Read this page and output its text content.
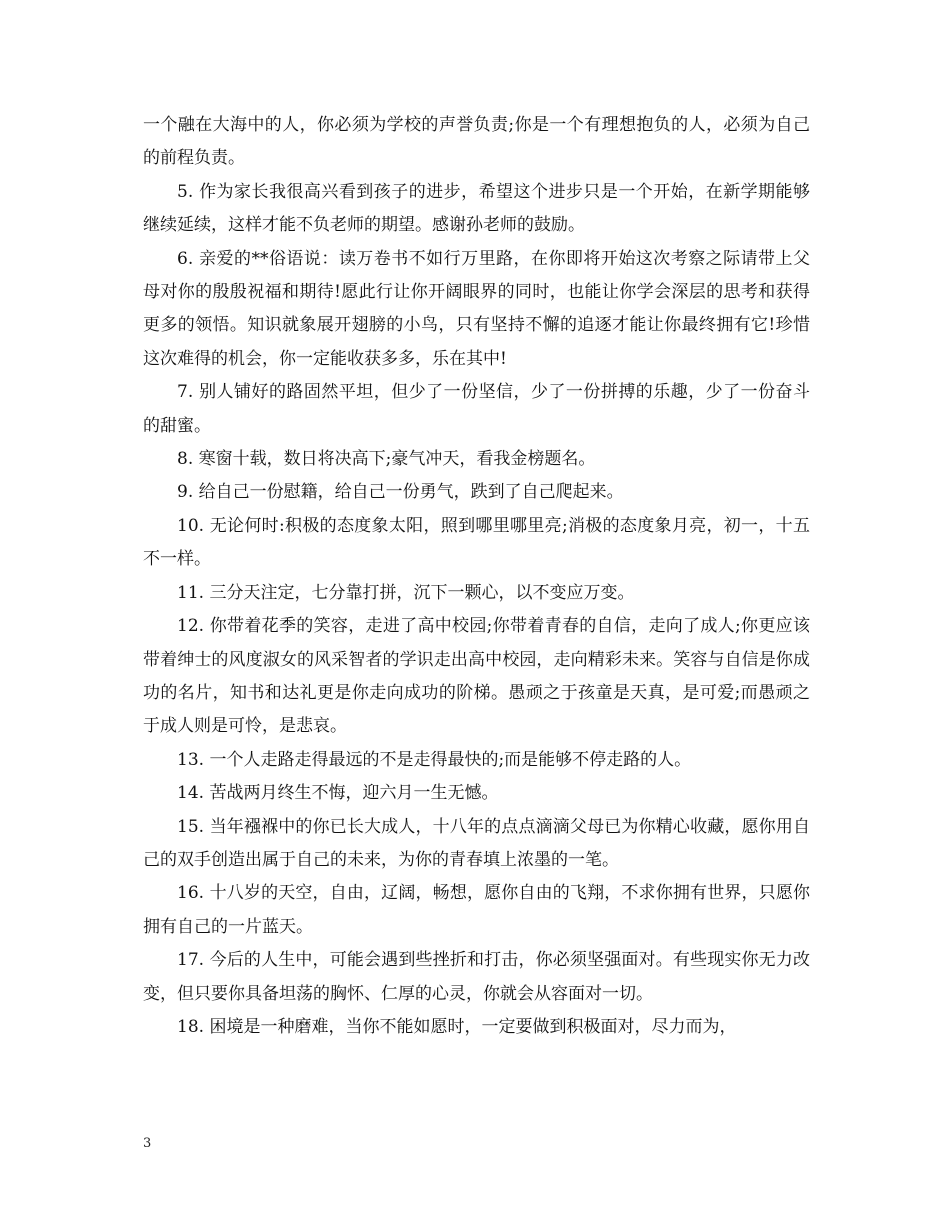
一个融在大海中的人，你必须为学校的声誉负责;你是一个有理想抱负的人，必须为自己的前程负责。

5. 作为家长我很高兴看到孩子的进步，希望这个进步只是一个开始，在新学期能够继续延续，这样才能不负老师的期望。感谢孙老师的鼓励。

6. 亲爱的**俗语说：读万卷书不如行万里路，在你即将开始这次考察之际请带上父母对你的殷殷祝福和期待!愿此行让你开阔眼界的同时，也能让你学会深层的思考和获得更多的领悟。知识就象展开翅膀的小鸟，只有坚持不懈的追逐才能让你最终拥有它!珍惜这次难得的机会，你一定能收获多多，乐在其中!

7. 别人铺好的路固然平坦，但少了一份坚信，少了一份拼搏的乐趣，少了一份奋斗的甜蜜。

8. 寒窗十载，数日将决高下;豪气冲天，看我金榜题名。

9. 给自己一份慰籍，给自己一份勇气，跌到了自己爬起来。

10. 无论何时:积极的态度象太阳，照到哪里哪里亮;消极的态度象月亮，初一，十五不一样。

11. 三分天注定，七分靠打拼，沉下一颗心，以不变应万变。

12. 你带着花季的笑容，走进了高中校园;你带着青春的自信，走向了成人;你更应该带着绅士的风度淑女的风采智者的学识走出高中校园，走向精彩未来。笑容与自信是你成功的名片，知书和达礼更是你走向成功的阶梯。愚顽之于孩童是天真，是可爱;而愚顽之于成人则是可怜，是悲哀。

13. 一个人走路走得最远的不是走得最快的;而是能够不停走路的人。

14. 苦战两月终生不悔，迎六月一生无憾。

15. 当年襁褓中的你已长大成人，十八年的点点滴滴父母已为你精心收藏，愿你用自己的双手创造出属于自己的未来，为你的青春填上浓墨的一笔。

16. 十八岁的天空，自由，辽阔，畅想，愿你自由的飞翔，不求你拥有世界，只愿你拥有自己的一片蓝天。

17. 今后的人生中，可能会遇到些挫折和打击，你必须坚强面对。有些现实你无力改变，但只要你具备坦荡的胸怀、仁厚的心灵，你就会从容面对一切。

18. 困境是一种磨难，当你不能如愿时，一定要做到积极面对，尽力而为，

3
